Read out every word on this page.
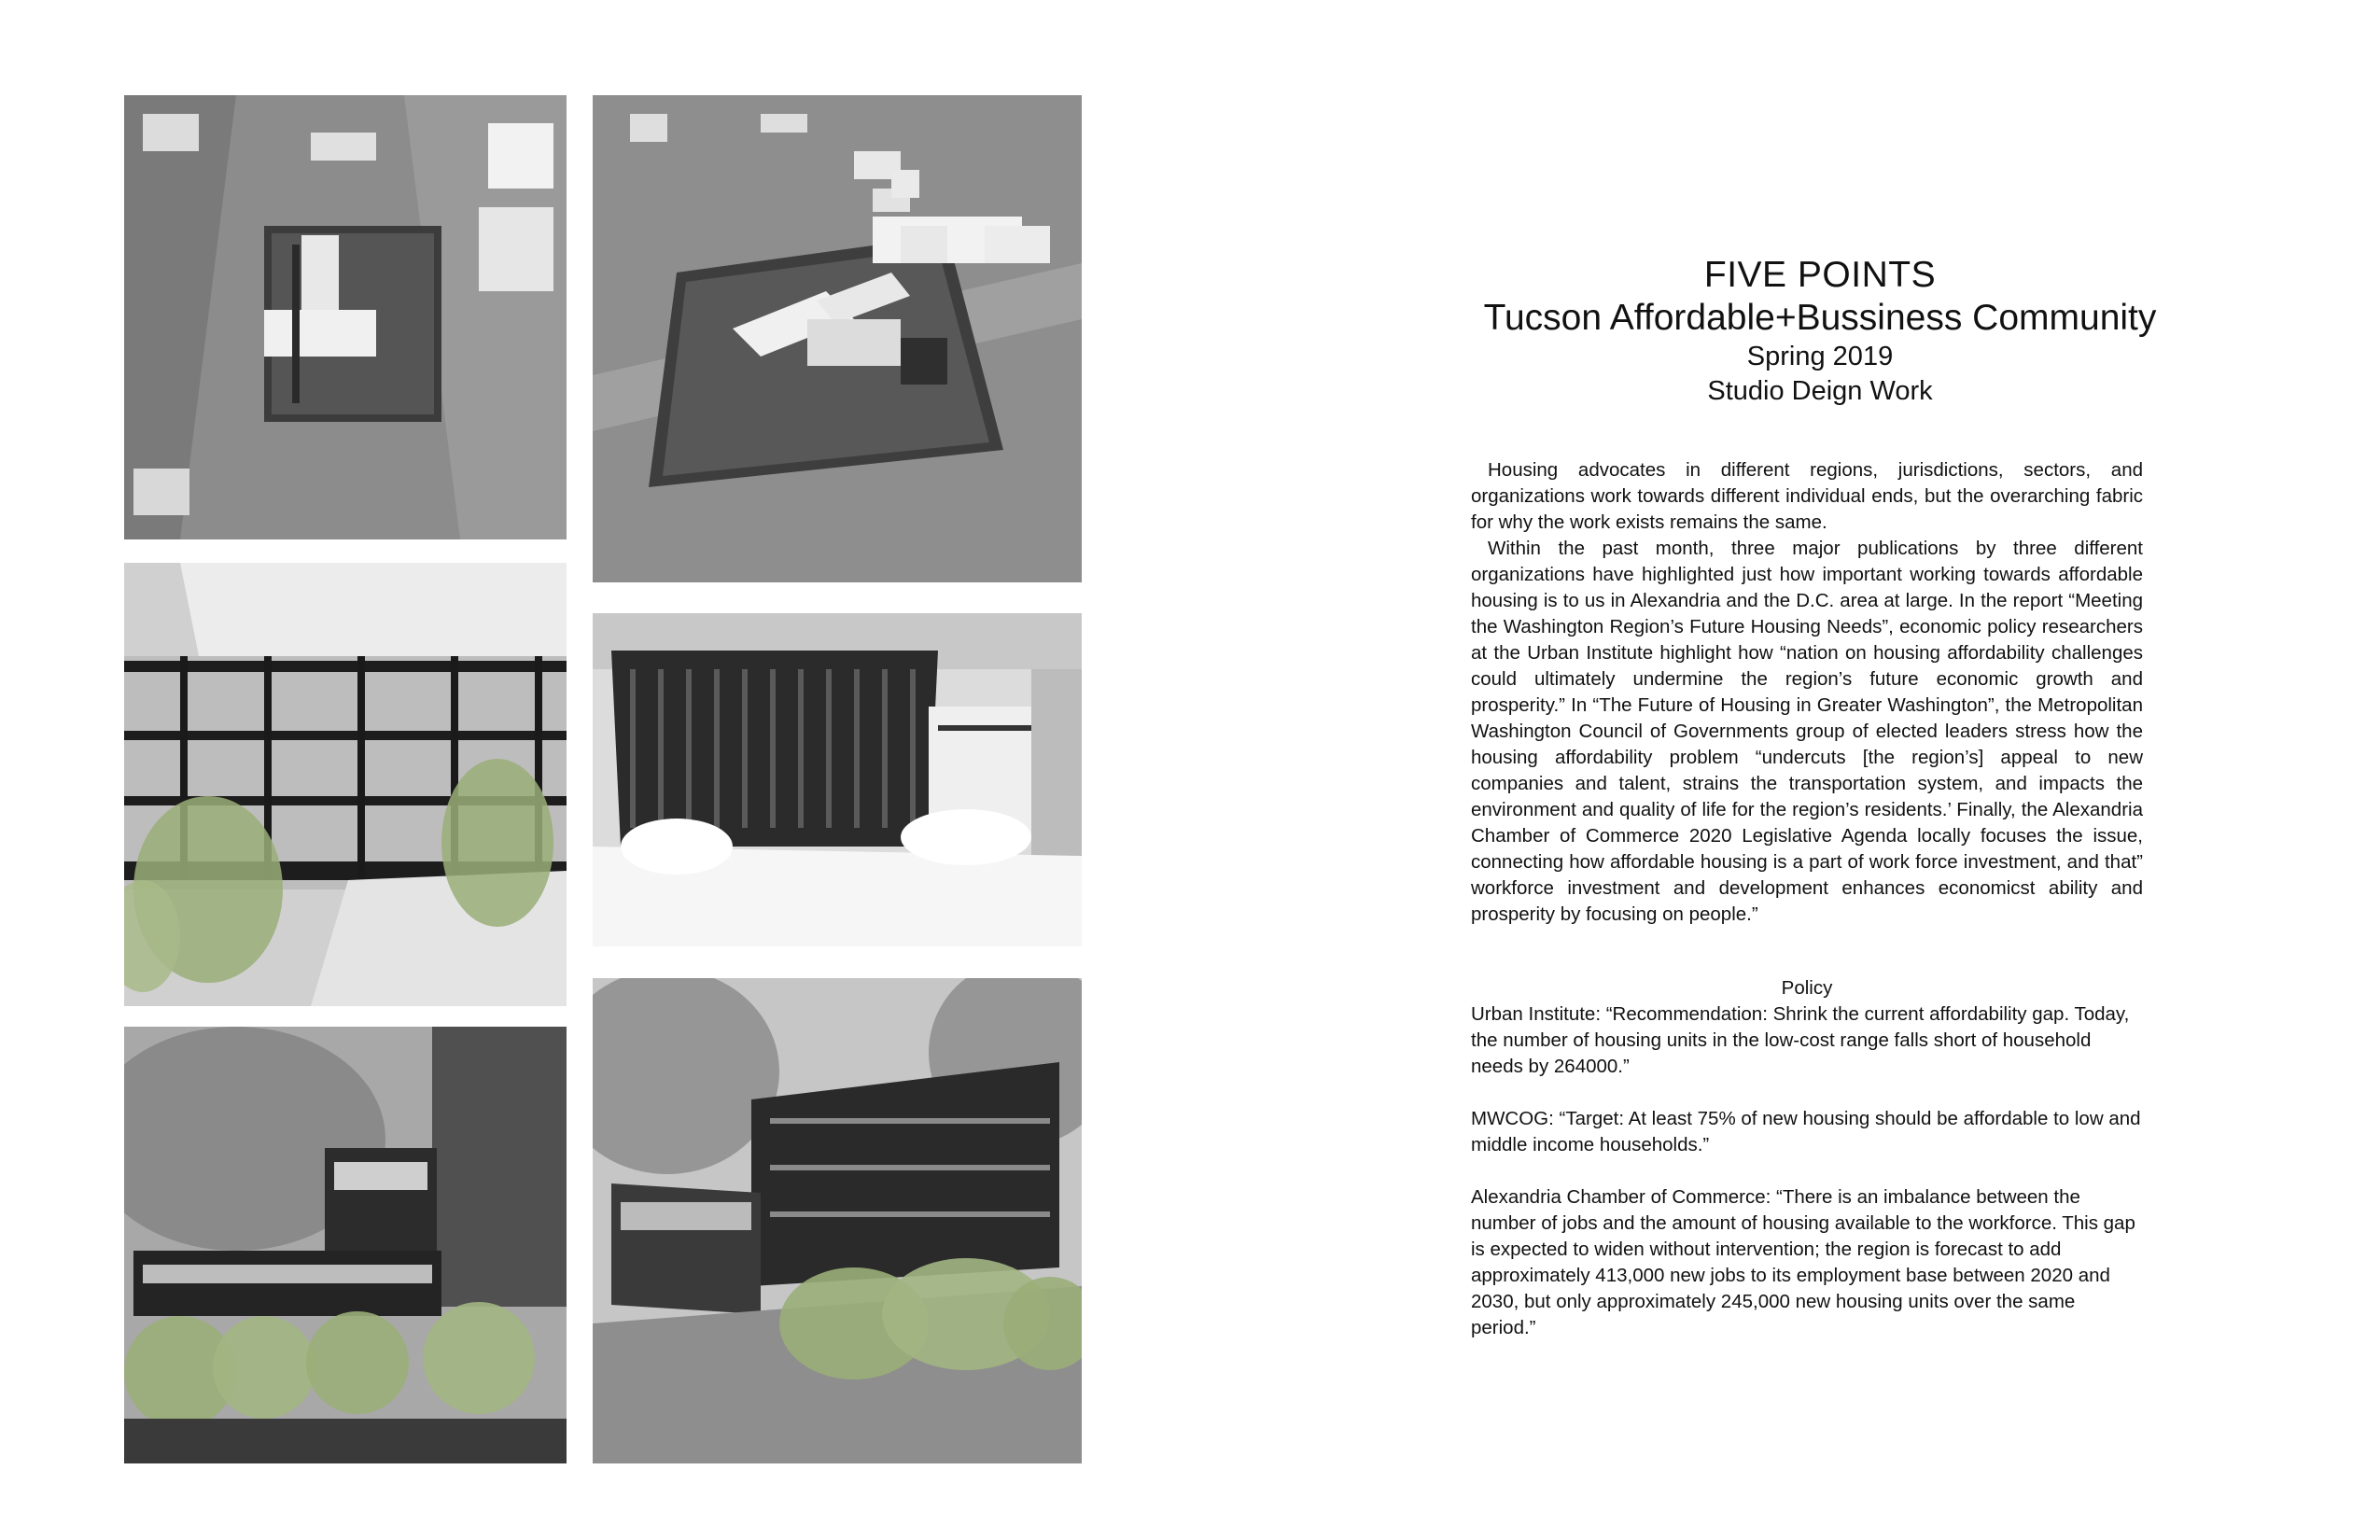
FIVE POINTS
Tucson Affordable+Bussiness Community
Spring 2019
Studio Deign Work

Housing advocates in different regions, jurisdictions, sectors, and organizations work towards different individual ends, but the overarching fabric for why the work exists remains the same.

Within the past month, three major publications by three different organizations have highlighted just how important working towards affordable housing is to us in Alexandria and the D.C. area at large. In the report “Meeting the Washington Region’s Future Housing Needs”, economic policy researchers at the Urban Institute highlight how “nation on housing affordability challenges could ultimately undermine the region’s future economic growth and prosperity.” In “The Future of Housing in Greater Washington”, the Metropolitan Washington Council of Governments group of elected leaders stress how the housing affordability problem “undercuts [the region’s] appeal to new companies and talent, strains the transportation system, and impacts the environment and quality of life for the region’s residents.’ Finally, the Alexandria Chamber of Commerce 2020 Legislative Agenda locally focuses the issue, connecting how affordable housing is a part of work force investment, and that” workforce investment and development enhances economicst ability and prosperity by focusing on people.”

Policy

Urban Institute: “Recommendation: Shrink the current affordability gap. Today, the number of housing units in the low-cost range falls short of household needs by 264000.”

MWCOG: “Target: At least 75% of new housing should be affordable to low and middle income households.”

Alexandria Chamber of Commerce: “There is an imbalance between the number of jobs and the amount of housing available to the workforce. This gap is expected to widen without intervention; the region is forecast to add approximately 413,000 new jobs to its employment base between 2020 and 2030, but only approximately 245,000 new housing units over the same period.”
